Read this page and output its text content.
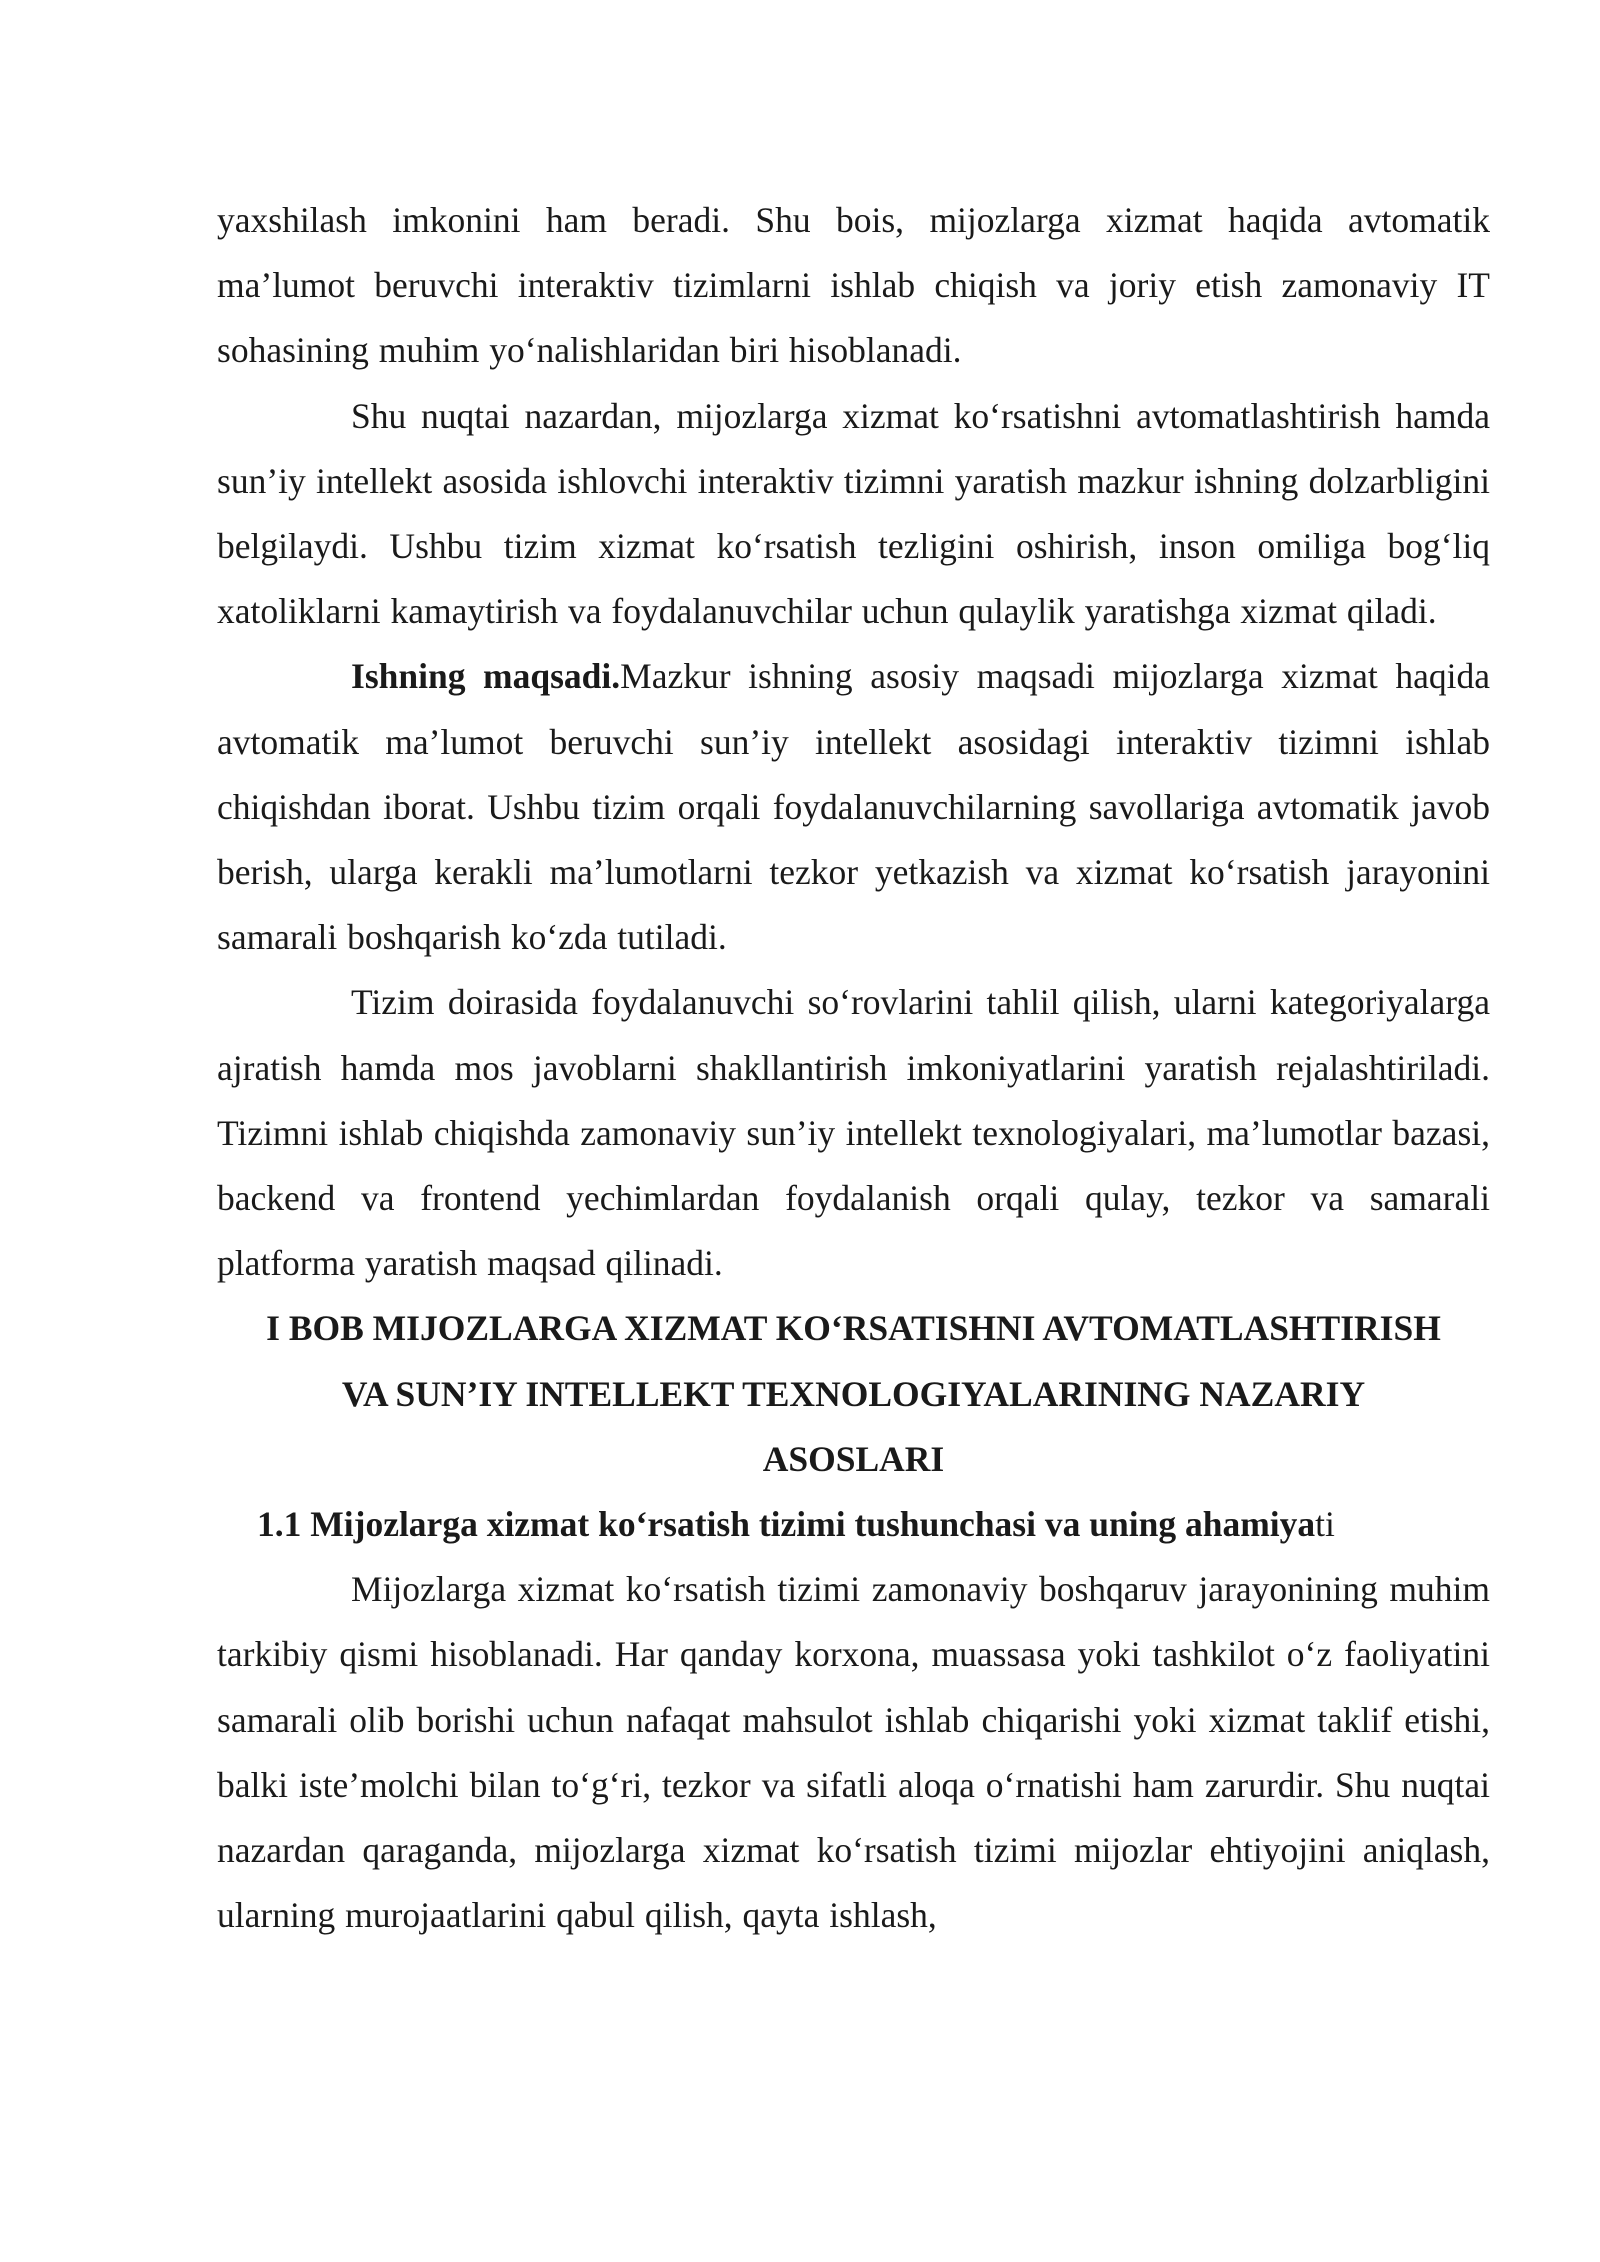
yaxshilash imkonini ham beradi. Shu bois, mijozlarga xizmat haqida avtomatik ma’lumot beruvchi interaktiv tizimlarni ishlab chiqish va joriy etish zamonaviy IT sohasining muhim yo‘nalishlaridan biri hisoblanadi.

Shu nuqtai nazardan, mijozlarga xizmat ko‘rsatishni avtomatlashtirish hamda sun’iy intellekt asosida ishlovchi interaktiv tizimni yaratish mazkur ishning dolzarbligini belgilaydi. Ushbu tizim xizmat ko‘rsatish tezligini oshirish, inson omiliga bog‘liq xatoliklarni kamaytirish va foydalanuvchilar uchun qulaylik yaratishga xizmat qiladi.

Ishning maqsadi.Mazkur ishning asosiy maqsadi mijozlarga xizmat haqida avtomatik ma’lumot beruvchi sun’iy intellekt asosidagi interaktiv tizimni ishlab chiqishdan iborat. Ushbu tizim orqali foydalanuvchilarning savollariga avtomatik javob berish, ularga kerakli ma’lumotlarni tezkor yetkazish va xizmat ko‘rsatish jarayonini samarali boshqarish ko‘zda tutiladi.

Tizim doirasida foydalanuvchi so‘rovlarini tahlil qilish, ularni kategoriyalarga ajratish hamda mos javoblarni shakllantirish imkoniyatlarini yaratish rejalashtiriladi. Tizimni ishlab chiqishda zamonaviy sun’iy intellekt texnologiyalari, ma’lumotlar bazasi, backend va frontend yechimlardan foydalanish orqali qulay, tezkor va samarali platforma yaratish maqsad qilinadi.

I BOB MIJOZLARGA XIZMAT KO‘RSATISHNI AVTOMATLASHTIRISH
VA SUN’IY INTELLEKT TEXNOLOGIYALARINING NAZARIY
ASOSLARI
1.1 Mijozlarga xizmat ko‘rsatish tizimi tushunchasi va uning ahamiyati

Mijozlarga xizmat ko‘rsatish tizimi zamonaviy boshqaruv jarayonining muhim tarkibiy qismi hisoblanadi. Har qanday korxona, muassasa yoki tashkilot o‘z faoliyatini samarali olib borishi uchun nafaqat mahsulot ishlab chiqarishi yoki xizmat taklif etishi, balki iste’molchi bilan to‘g‘ri, tezkor va sifatli aloqa o‘rnatishi ham zarurdir. Shu nuqtai nazardan qaraganda, mijozlarga xizmat ko‘rsatish tizimi mijozlar ehtiyojini aniqlash, ularning murojaatlarini qabul qilish, qayta ishlash,
